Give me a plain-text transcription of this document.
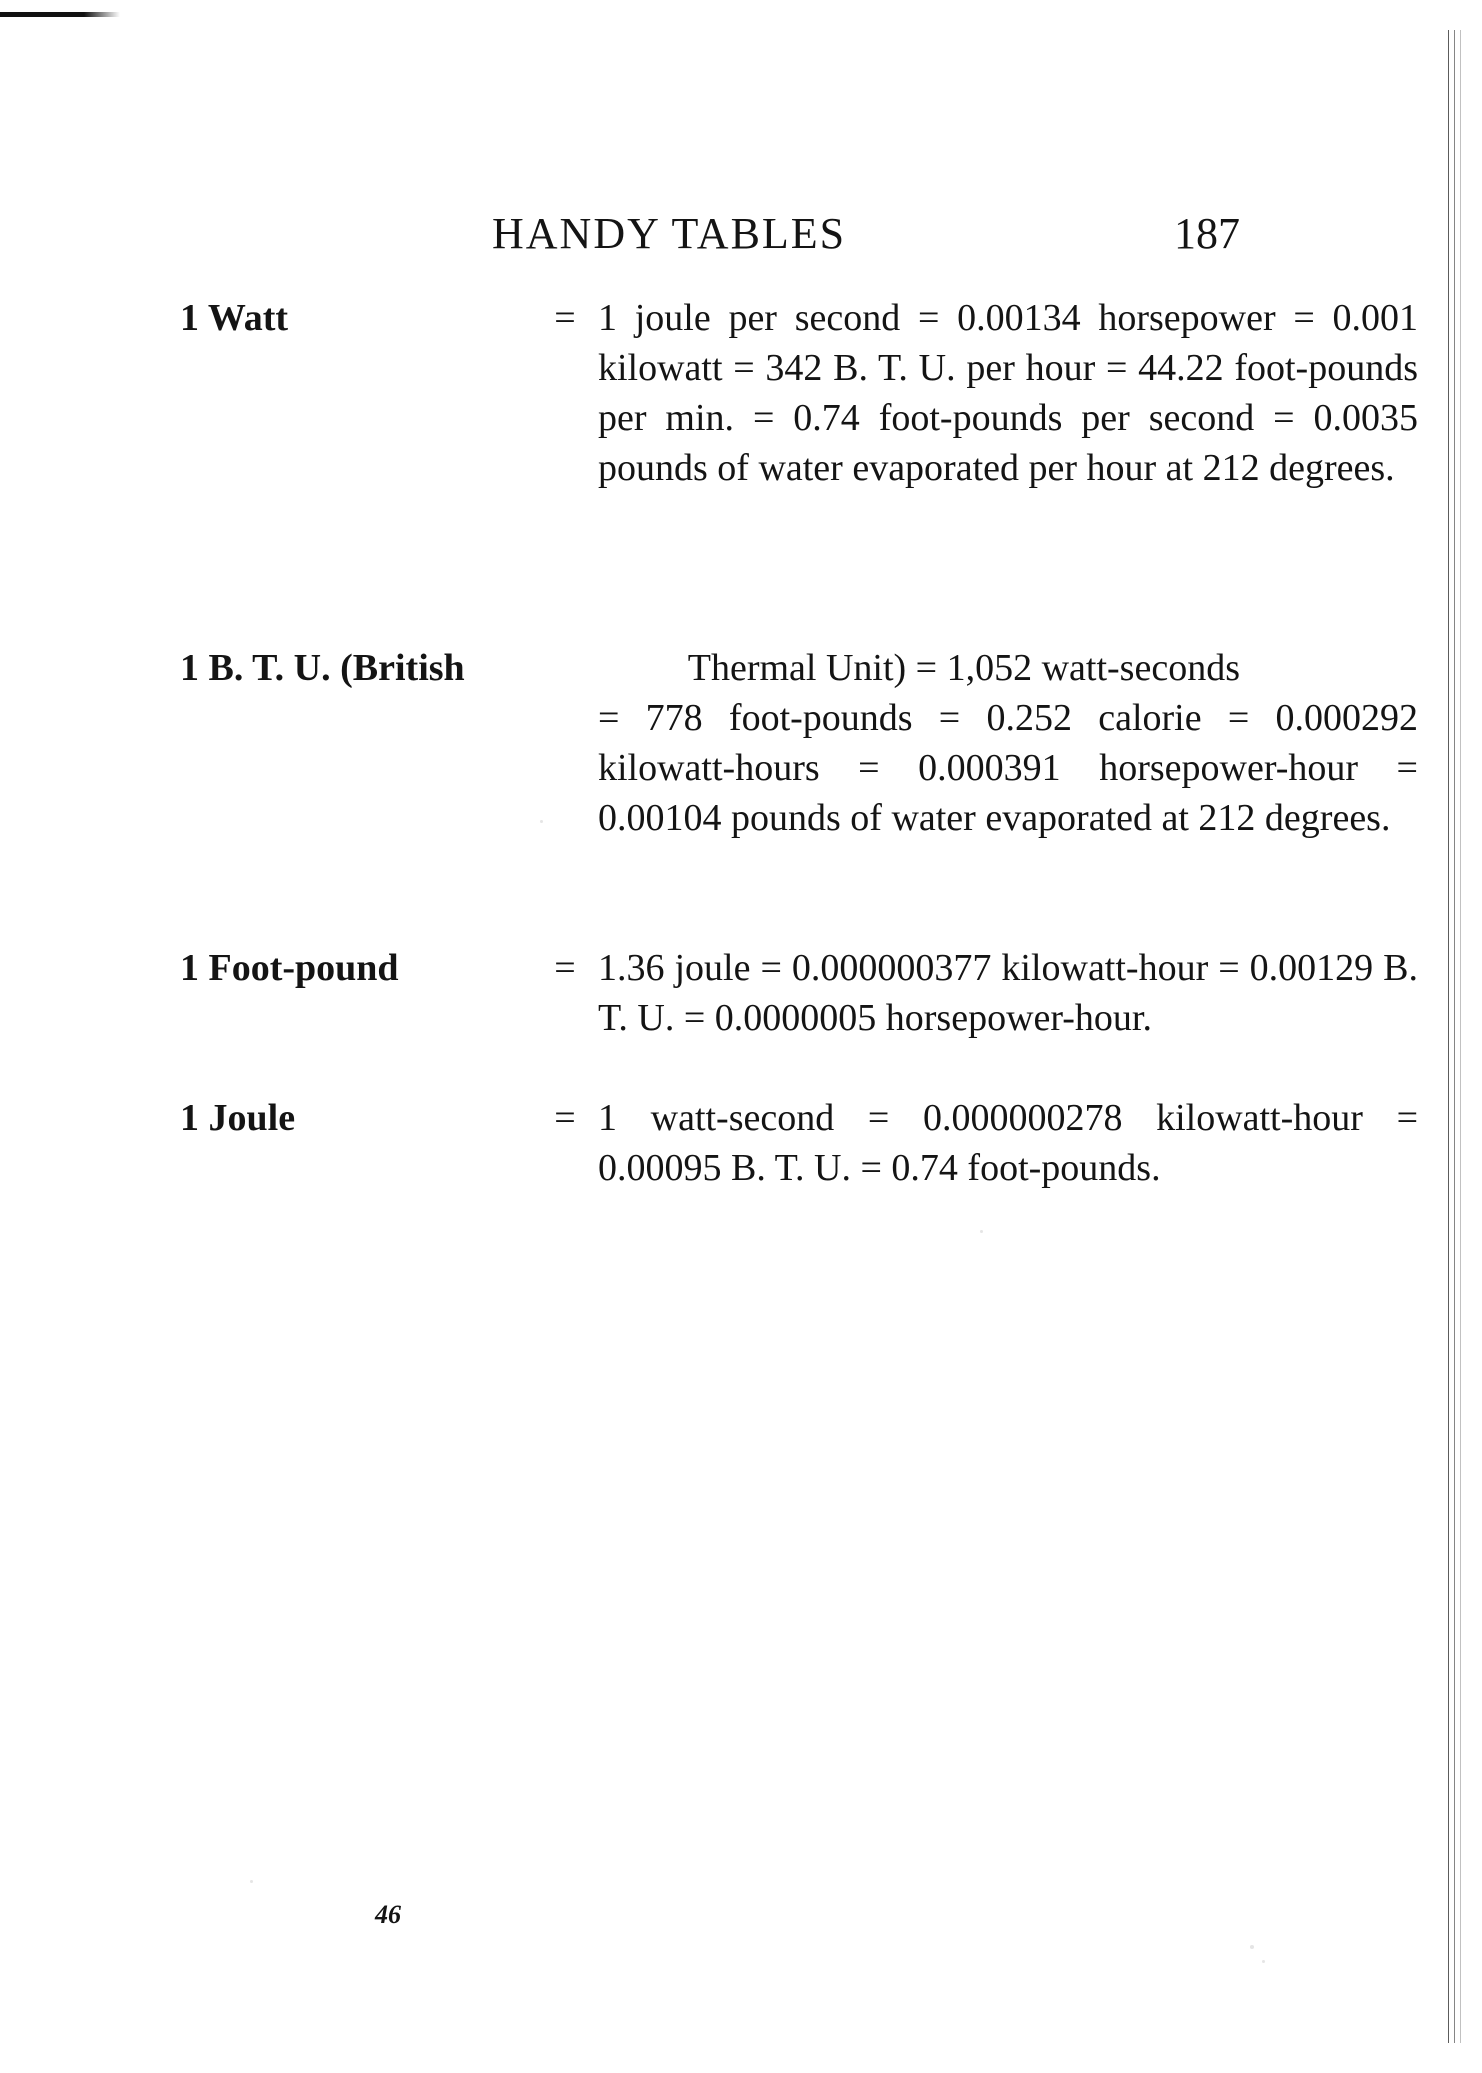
HANDY TABLES	187
1 Watt	= 1 joule per second = 0.00134 horsepower = 0.001 kilowatt = 342 B. T. U. per hour = 44.22 foot-pounds per min. = 0.74 foot-pounds per second = 0.0035 pounds of water evaporated per hour at 212 degrees.
1 B. T. U. (British	Thermal Unit) = 1,052 watt-seconds
= 778 foot-pounds = 0.252 calorie = 0.000292 kilowatt-hours = 0.000391 horsepower-hour = 0.00104 pounds of water evaporated at 212 degrees.
1 Foot-pound	= 1.36 joule = 0.000000377 kilowatt-hour = 0.00129 B. T. U. = 0.0000005 horsepower-hour.
1 Joule	= 1 watt-second = 0.000000278 kilowatt-hour = 0.00095 B. T. U. = 0.74 foot-pounds.
46
